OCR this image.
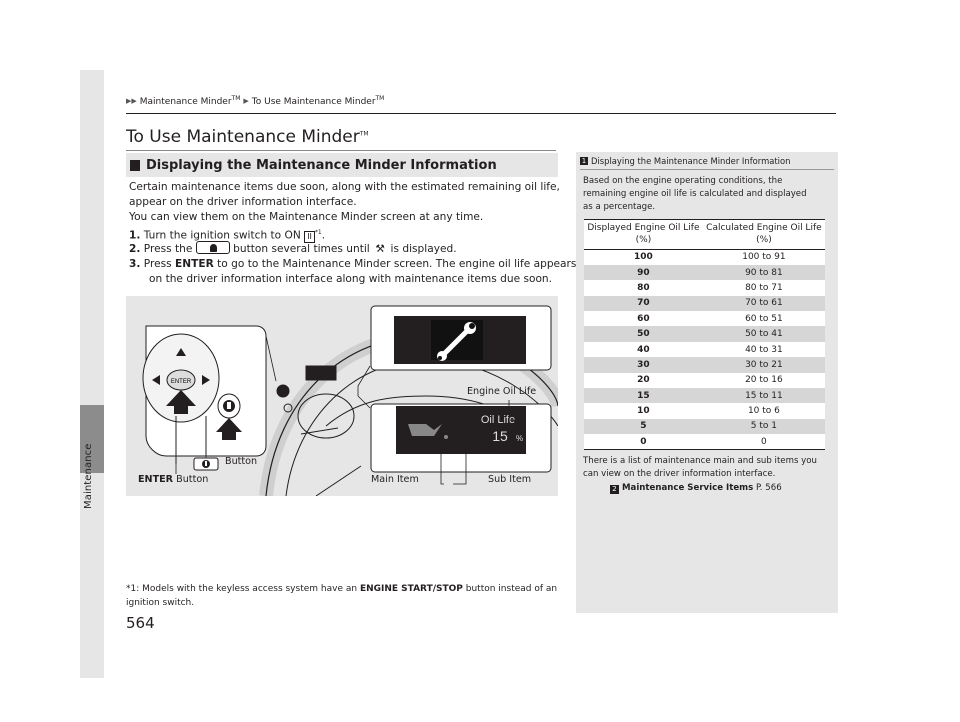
Maintenance
▶▶ Maintenance Minder™ ▶ To Use Maintenance Minder™
To Use Maintenance Minder™
Displaying the Maintenance Minder Information
Certain maintenance items due soon, along with the estimated remaining oil life,
appear on the driver information interface.
You can view them on the Maintenance Minder screen at any time.
1. Turn the ignition switch to ON II $^{*1}$.
2. Press the	button several times until ⚒ is displayed.
3. Press ENTER to go to the Maintenance Minder screen. The engine oil life appears
on the driver information interface along with maintenance items due soon.
ENTER
Oil Life
15 %
A 1 2 3 4 5
Button
ENTER Button
Engine Oil Life
Main Item	Sub Item
*1: Models with the keyless access system have an ENGINE START/STOP button instead of an
ignition switch.
564
1 Displaying the Maintenance Minder Information
Based on the engine operating conditions, the
remaining engine oil life is calculated and displayed
as a percentage.
Displayed Engine Oil Life (%)	Calculated Engine Oil Life (%)
100	100 to 91
90	90 to 81
80	80 to 71
70	70 to 61
60	60 to 51
50	50 to 41
40	40 to 31
30	30 to 21
20	20 to 16
15	15 to 11
10	10 to 6
5	5 to 1
0	0
There is a list of maintenance main and sub items you
can view on the driver information interface.
2 Maintenance Service Items P. 566
